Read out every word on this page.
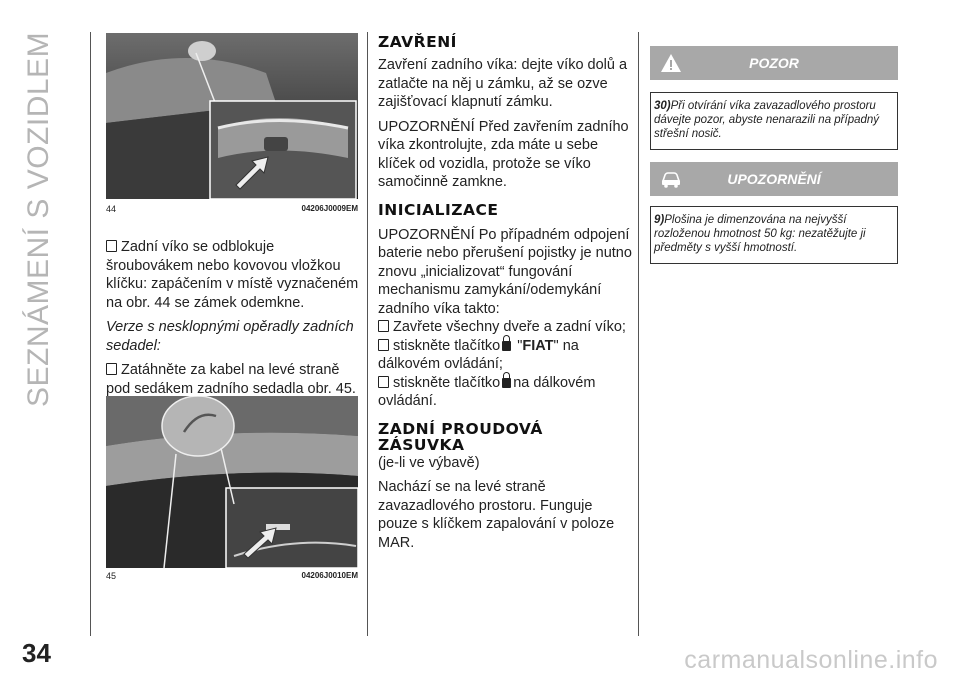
SEZNÁMENÍ S VOZIDLEM	44	04206J0009EM

Zadní víko se odblokuje šroubovákem nebo kovovou vložkou klíčku: zapáčením v místě vyznačeném na obr. 44 se zámek odemkne.

Verze s nesklopnými opěradly zadních sedadel:

Zatáhněte za kabel na levé straně pod sedákem zadního sedadla obr. 45.

45	04206J0010EM

ZAVŘENÍ

Zavření zadního víka: dejte víko dolů a zatlačte na něj u zámku, až se ozve zajišťovací klapnutí zámku.

UPOZORNĚNÍ Před zavřením zadního víka zkontrolujte, zda máte u sebe klíček od vozidla, protože se víko samočinně zamkne.

INICIALIZACE

UPOZORNĚNÍ Po případném odpojení baterie nebo přerušení pojistky je nutno znovu „inicializovat“ fungování mechanismu zamykání/odemykání zadního víka takto:

Zavřete všechny dveře a zadní víko;

stiskněte tlačítko "FIAT" na dálkovém ovládání;

stiskněte tlačítko na dálkovém ovládání.

ZADNÍ PROUDOVÁ ZÁSUVKA

(je-li ve výbavě)

Nachází se na levé straně zavazadlového prostoru. Funguje pouze s klíčkem zapalování v poloze MAR.

POZOR
30)Při otvírání víka zavazadlového prostoru dávejte pozor, abyste nenarazili na případný střešní nosič.
UPOZORNĚNÍ
9)Plošina je dimenzována na nejvyšší rozloženou hmotnost 50 kg: nezatěžujte ji předměty s vyšší hmotností.
34	carmanualsonline.info
